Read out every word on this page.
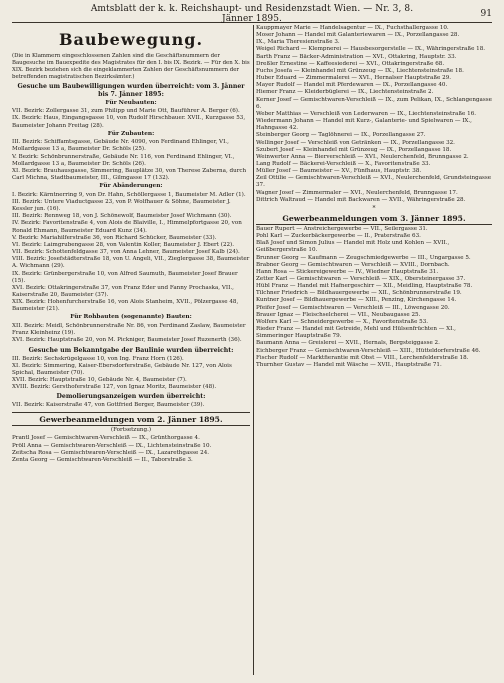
Amtsblatt der k. k. Reichshaupt- und Residenzstadt Wien. — Nr. 3, 8. Jänner 1895.	91
Baubewegung.
(Die in Klammern eingeschlossenen Zahlen sind die Geschäftsnummern der Baugesuche im Bauexpedite des Magistrates für den I. bis IX. Bezirk. — Für den X. bis XIX. Bezirk beziehen sich die eingeklammerten Zahlen der Geschäftsnummern der betreffenden magistratischen Bezirksämter.)
Gesuche um Baubewilligungen wurden überreicht: vom 3. Jänner bis 7. Jänner 1895:
Für Neubauten:

VII. Bezirk: Zollergasse 31, zum Philipp und Marie Ott, Bauführer A. Berger (6).

IX. Bezirk: Haus, Eingangsgasse 10, von Rudolf Hirschbauer. XVII., Kurzgasse 53, Baumeister Johann Freitag (28).

Für Zubauten:

III. Bezirk: Schiffamtsgasse, Gebäude Nr. 4090, von Ferdinand Ehlinger, VI., Mollardgasse 13 a, Baumeister Dr. Schöls (25).

V. Bezirk: Schönbrunnerstraße, Gebäude Nr. 116, von Ferdinand Ehlinger, VI., Mollardgasse 13 a, Baumeister Dr. Schöls (26).

XI. Bezirk: Brauhausgasse, Simmering, Bauplätze 30, von Therese Zaberna, durch Carl Michna, Stadtbaumeister, III., Gilmgasse 17 (132).

Für Abänderungen:

I. Bezirk: Kärntnerring 9, von Dr. Hahn, Schöllergasse 1, Baumeister M. Adler (1).

III. Bezirk: Untere Viaductgasse 23, von P. Wolfhauer & Söhne, Baumeister J. Kessler jun. (16).

III. Bezirk: Rennweg 18, von J. Schönewolf, Baumeister Josef Wichmann (30).

IV. Bezirk: Favoritenstraße 4, von Alois de Blaiville, I., Himmelpfortgasse 20, von Ronald Ehmann, Baumeister Eduard Kunz (34).

V. Bezirk: Mariahilferstraße 36, von Richard Schücker, Baumeister (33).

VI. Bezirk: Laimgrubengasse 28, von Valentin Koller, Baumeister J. Ebert (22).

VII. Bezirk: Schottenfeldgasse 37, von Anna Lehner, Baumeister Josef Kalb (24).

VIII. Bezirk: Josefstädterstraße 18, von U. Angeli, VII., Zieglergasse 38, Baumeister A. Wichmann (29).

IX. Bezirk: Grünbergerstraße 10, von Alfred Saumuth, Baumeister Josef Brauer (15).

XVI. Bezirk: Ottakringerstraße 37, von Franz Eder und Fanny Prochaska, VII., Kaiserstraße 20, Baumeister (37).

XIX. Bezirk: Hohenfurcherstraße 16, von Alois Stanheim, XVII., Pölzergasse 48, Baumeister (21).

Für Rohbauten (sogenannte) Bauten:

XII. Bezirk: Meidl, Schönbrunnerstraße Nr. 86, von Ferdinand Zaslaw, Baumeister Franz Kleinheinz (19).

XVI. Bezirk: Hauptstraße 20, von M. Pickniger, Baumeister Josef Ruzenerth (36).

Gesuche um Bekanntgabe der Baulinie wurden überreicht:

III. Bezirk: Sechskrügelgasse 10, von Ing. Franz Horn (126).

XI. Bezirk: Simmering, Kaiser-Ebersdorferstraße, Gebäude Nr. 127, von Alois Spichal, Baumeister (70).

XVII. Bezirk: Hauptstraße 10, Gebäude Nr. 4, Baumeister (7).

XVIII. Bezirk: Gersthoferstraße 127, von Ignaz Moritz, Baumeister (48).

Demolierungsanzeigen wurden überreicht:

VII. Bezirk: Kaiserstraße 47, von Gottfried Berger, Baumeister (39).

Gewerbeanmeldungen vom 2. Jänner 1895.
(Fortsetzung.)

Prantl Josef — Gemischtwaren-Verschleiß — IX., Grünthorgasse 4.

Pröll Anna — Gemischtwaren-Verschleiß — IX., Lichtensteinstraße 10.

Zeitscha Rosa — Gemischtwaren-Verschleiß — IX., Lazarethgasse 24.

Zenta Georg — Gemischtwaren-Verschleiß — II., Taborstraße 3.

Kauppmayer Marie — Handelsagentur — IX., Fuchsthallergasse 10.

Moser Johann — Handel mit Galanteriewaren — IX., Porzellangasse 28.

IX., Maria Theresienstraße 3.

Weigel Richard — Klempnerei — Hausbesorgerstelle — IX., Währingerstraße 18.

Barth Franz — Bäcker-Administration — XVI., Ottakring, Hauptstr. 33.

Dreßler Ernestine — Kaffeesiederei — XVI., Ottakringerstraße 68.

Fuchs Josefa — Kleinhandel mit Grünzeug — IX., Liechtensteinstraße 18.

Huber Eduard — Zimmermalerei — XVI., Hernalser Hauptstraße 29.

Mayer Rudolf — Handel mit Pferdewaren — IX., Porzellangasse 40.

Hiemer Franz — Kleiderbüglerei — IX., Liechtensteinstraße 2.

Kerner Josef — Gemischtwaren-Verschleiß — IX., zum Pelikan, IX., Schlangengasse 6.

Weber Matthias — Verschleiß von Lederwaren — IX., Liechtensteinstraße 16.

Wiedermann Johann — Handel mit Kurz-, Galanterie- und Spielwaren — IX., Hahngasse 42.

Steinberger Georg — Taglöhnerei — IX., Porzellangasse 27.

Wellinger Josef — Verschleiß von Getränken — IX., Porzellangasse 32.

Szubert Josef — Kleinhandel mit Grünzeug — IX., Porzellangasse 18.

Weinwerter Anna — Bierverschleiß — XVI., Neulerchenfeld, Brunngasse 2.

Lang Rudolf — Bäckerei-Verschleiß — X., Favoritenstraße 33.

Müller Josef — Baumeister — XV., Fünfhaus, Hauptstr. 38.

Zeil Ottilie — Gemischtwaren-Verschleiß — XVI., Neulerchenfeld, Grundsteingasse 37.

Wagner Josef — Zimmermaler — XVI., Neulerchenfeld, Brunngasse 17.

Dittrich Waltraud — Handel mit Backwaren — XVII., Währingerstraße 28.

*
Gewerbeanmeldungen vom 3. Jänner 1895.

Bauer Rupert — Anstreichergewerbe — VII., Seilergasse 31.

Pohl Karl — Zuckerbäckergewerbe — II., Praterstraße 63.

Blaß Josef und Simon Julius — Handel mit Holz und Kohlen — XVII., Geißbergerstraße 10.

Brunner Georg — Kaufmann — Zeugschmiedgewerbe — III., Ungargasse 5.

Brabner Georg — Gemischtwaren — Verschleiß — XVIII., Dornbach.

Hann Rosa — Stickereigewerbe — IV., Wiedner Hauptstraße 31.

Zetter Karl — Gemischtwaren — Verschleiß — XIX., Obersteinergasse 37.

Hübl Franz — Handel mit Hafnergeschirr — XII., Meidling, Hauptstraße 78.

Tilchner Friedrich — Bildhauergewerbe — XII., Schönbrunnerstraße 19.

Kuntner Josef — Bildhauergewerbe — XIII., Penzing, Kirchengasse 14.

Pfeifer Josef — Gemischtwaren — Verschleiß — III., Löwengasse 20.

Brauer Ignaz — Fleischselcherei — VII., Neubaugasse 25.

Wolfers Karl — Schneidergewerbe — X., Favoritenstraße 53.

Rieder Franz — Handel mit Getreide, Mehl und Hülsenfrüchten — XI., Simmeringer Hauptstraße 79.

Baumann Anna — Greislerei — XVII., Hernals, Bergsteiggasse 2.

Eichberger Franz — Gemischtwaren-Verschleiß — XIII., Hütteldorferstraße 46.

Fischer Rudolf — Marktfierantie mit Obst — VIII., Lerchenfelderstraße 18.

Thurnher Gustav — Handel mit Wäsche — XVII., Hauptstraße 71.
